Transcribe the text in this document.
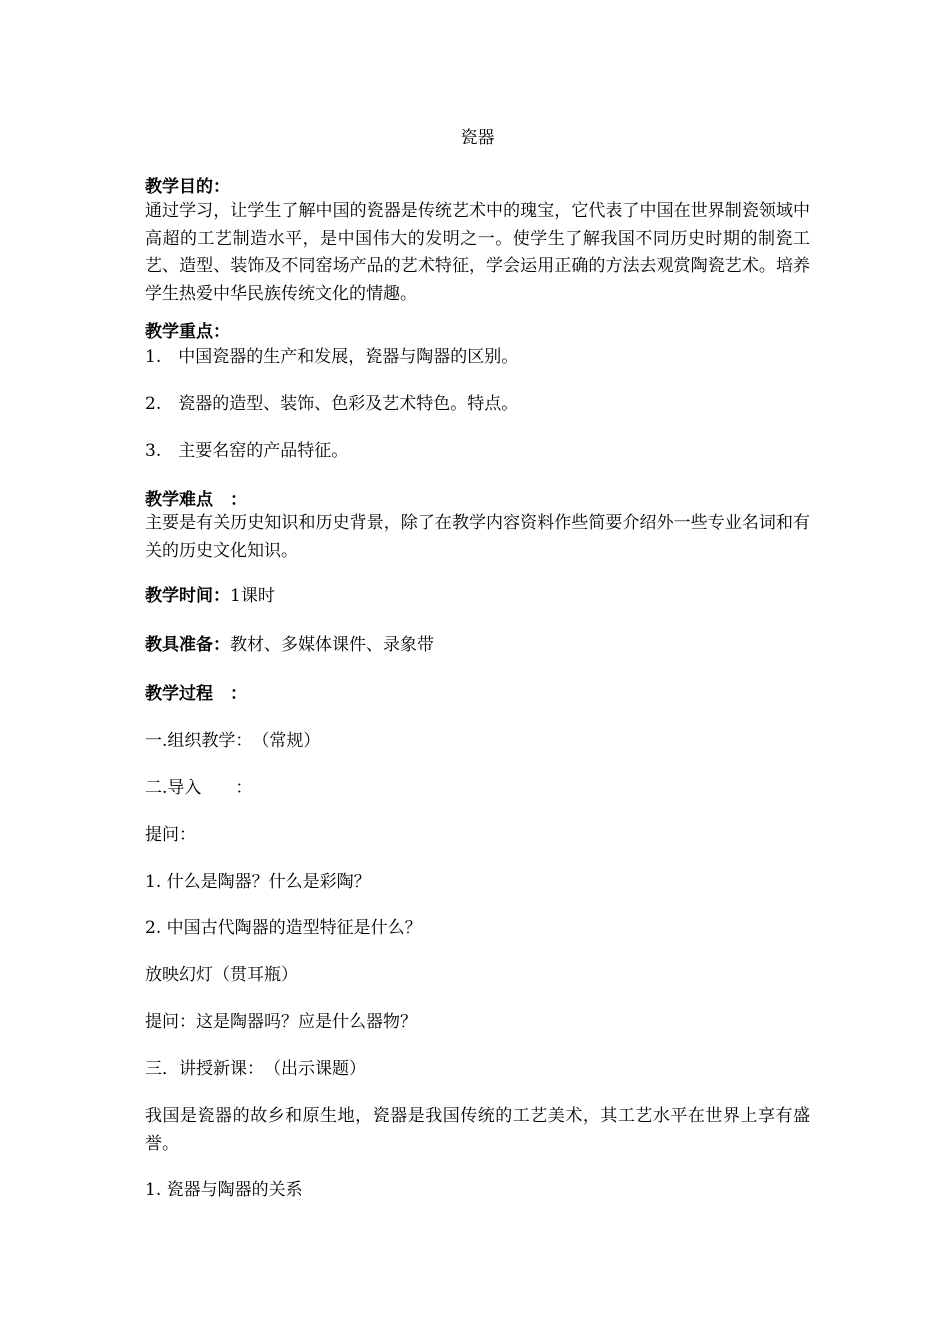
瓷器

教学目的：

通过学习，让学生了解中国的瓷器是传统艺术中的瑰宝，它代表了中国在世界制瓷领域中高超的工艺制造水平，是中国伟大的发明之一。使学生了解我国不同历史时期的制瓷工艺、造型、装饰及不同窑场产品的艺术特征，学会运用正确的方法去观赏陶瓷艺术。培养学生热爱中华民族传统文化的情趣。

教学重点：

1.　中国瓷器的生产和发展，瓷器与陶器的区别。

2.　瓷器的造型、装饰、色彩及艺术特色。特点。

3.　主要名窑的产品特征。

教学难点　：

主要是有关历史知识和历史背景，除了在教学内容资料作些简要介绍外一些专业名词和有关的历史文化知识。

教学时间：1课时

教具准备：教材、多媒体课件、录象带

教学过程　：

一.组织教学：　（常规）

二.导入　　：

提问：

1. 什么是陶器？什么是彩陶？

2. 中国古代陶器的造型特征是什么？

放映幻灯（贯耳瓶）

提问：这是陶器吗？应是什么器物？

三．讲授新课：　（出示课题）

我国是瓷器的故乡和原生地，瓷器是我国传统的工艺美术，其工艺水平在世界上享有盛誉。

1. 瓷器与陶器的关系
